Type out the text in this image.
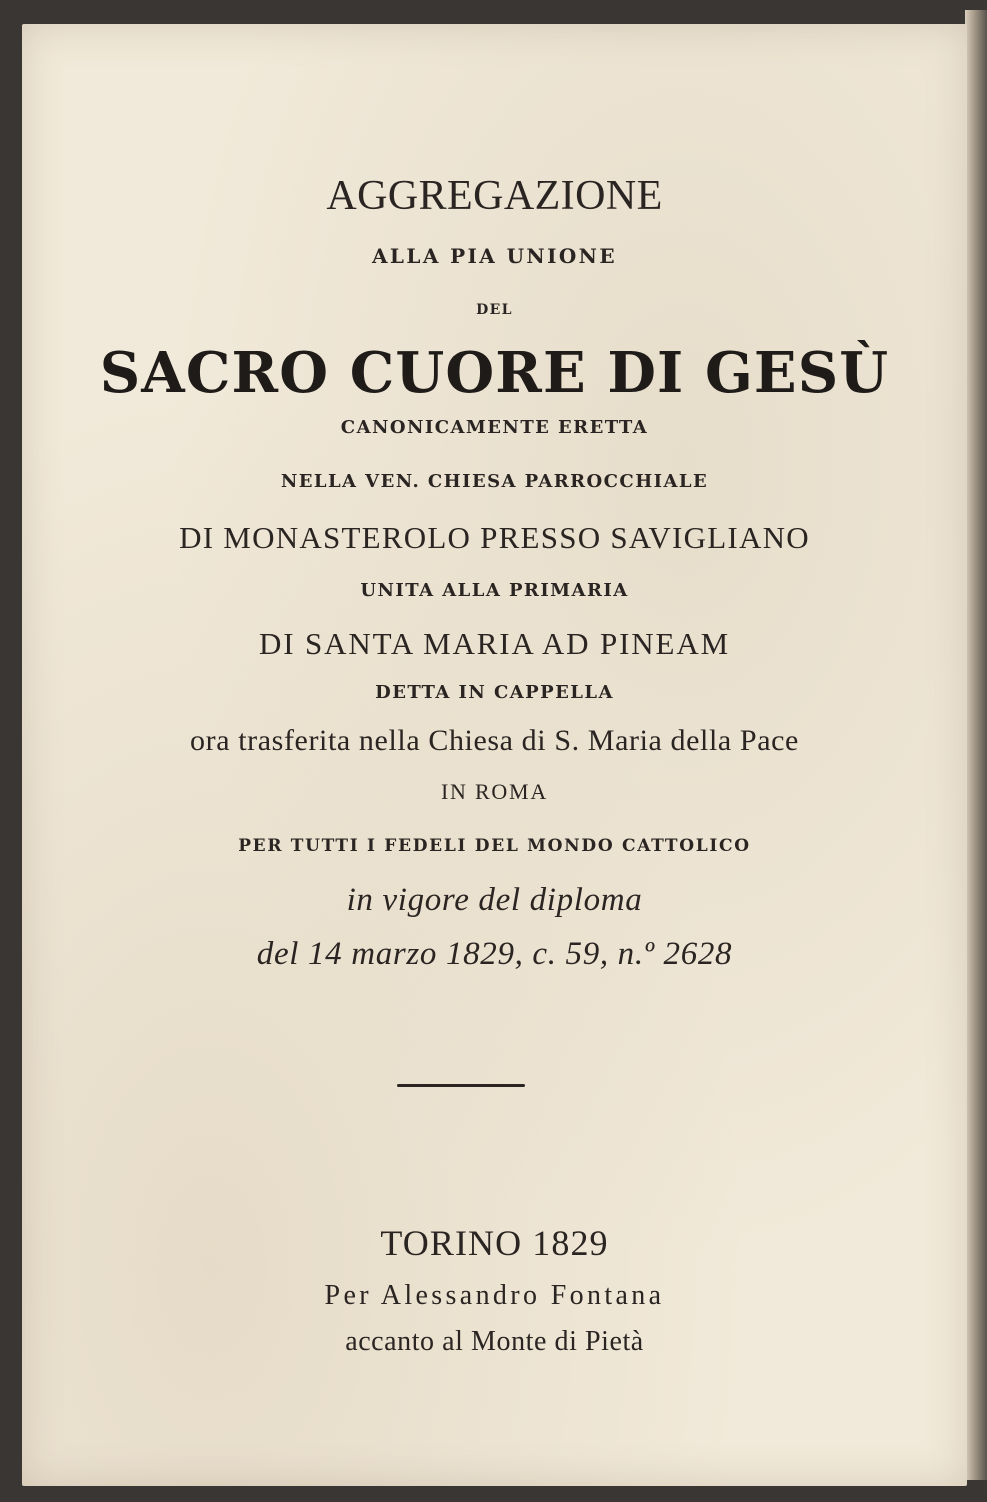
AGGREGAZIONE
ALLA PIA UNIONE
DEL
SACRO CUORE DI GESÙ
CANONICAMENTE ERETTA
NELLA VEN. CHIESA PARROCCHIALE
DI MONASTEROLO PRESSO SAVIGLIANO
UNITA ALLA PRIMARIA
DI SANTA MARIA AD PINEAM
DETTA IN CAPPELLA
ora trasferita nella Chiesa di S. Maria della Pace
IN ROMA
PER TUTTI I FEDELI DEL MONDO CATTOLICO
in vigore del diploma
del 14 marzo 1829, c. 59, n.º 2628
TORINO 1829
Per Alessandro Fontana
accanto al Monte di Pietà
